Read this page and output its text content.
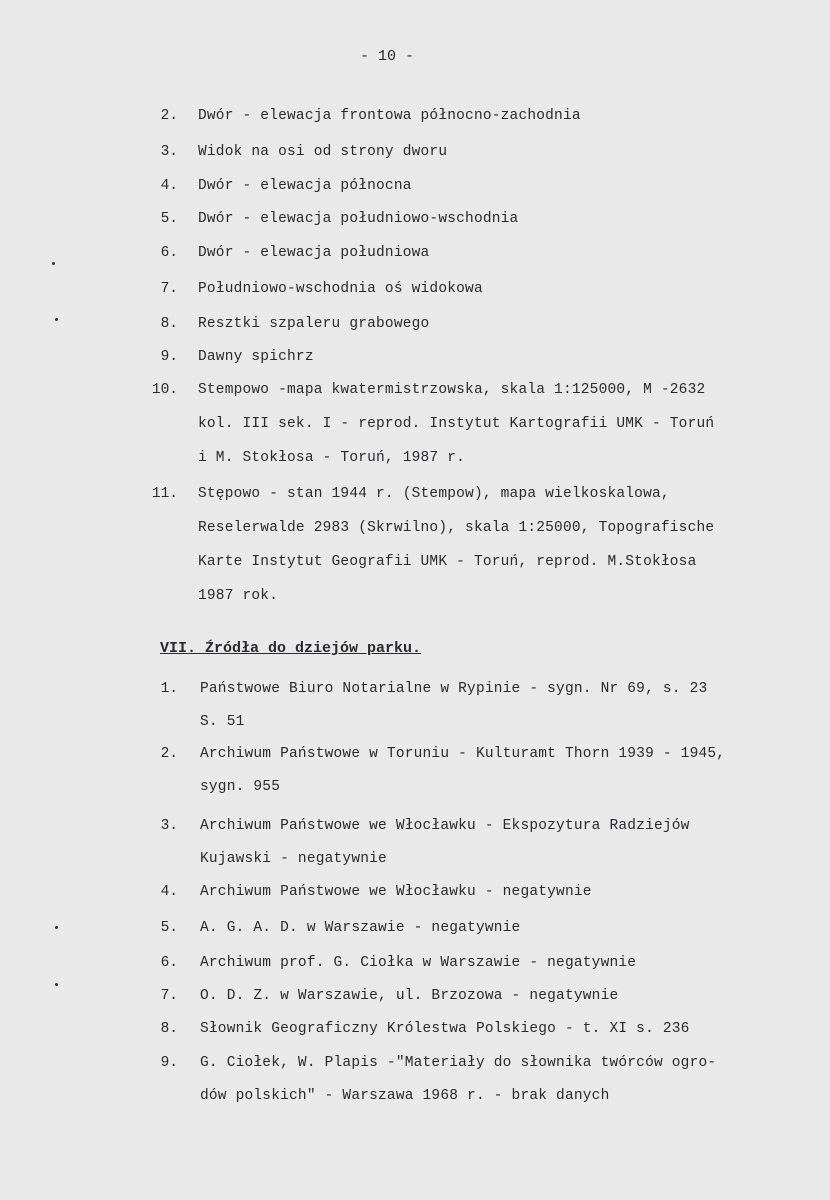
- 10 -
2. Dwór - elewacja frontowa północno-zachodnia
3. Widok na osi od strony dworu
4. Dwór - elewacja północna
5. Dwór - elewacja południowo-wschodnia
6. Dwór - elewacja południowa
7. Południowo-wschodnia oś widokowa
8. Resztki szpaleru grabowego
9. Dawny spichrz
10. Stempowo -mapa kwatermistrzowska, skala 1:125000, M -2632
kol. III sek. I - reprod. Instytut Kartografii UMK - Toruń
i M. Stokłosa - Toruń, 1987 r.
11. Stępowo - stan 1944 r. (Stempow), mapa wielkoskalowa,
Reselerwalde 2983 (Skrwilno), skala 1:25000, Topografische
Karte Instytut Geografii UMK - Toruń, reprod. M.Stokłosa
1987 rok.
VII. Źródła do dziejów parku.
1. Państwowe Biuro Notarialne w Rypinie - sygn. Nr 69, s. 23
S. 51
2. Archiwum Państwowe w Toruniu - Kulturamt Thorn 1939 - 1945,
sygn. 955
3. Archiwum Państwowe we Włocławku - Ekspozytura Radziejów
Kujawski - negatywnie
4. Archiwum Państwowe we Włocławku - negatywnie
5. A. G. A. D. w Warszawie - negatywnie
6. Archiwum prof. G. Ciołka w Warszawie - negatywnie
7. O. D. Z. w Warszawie, ul. Brzozowa - negatywnie
8. Słownik Geograficzny Królestwa Polskiego - t. XI s. 236
9. G. Ciołek, W. Plapis -"Materiały do słownika twórców ogro-
dów polskich" - Warszawa 1968 r. - brak danych
